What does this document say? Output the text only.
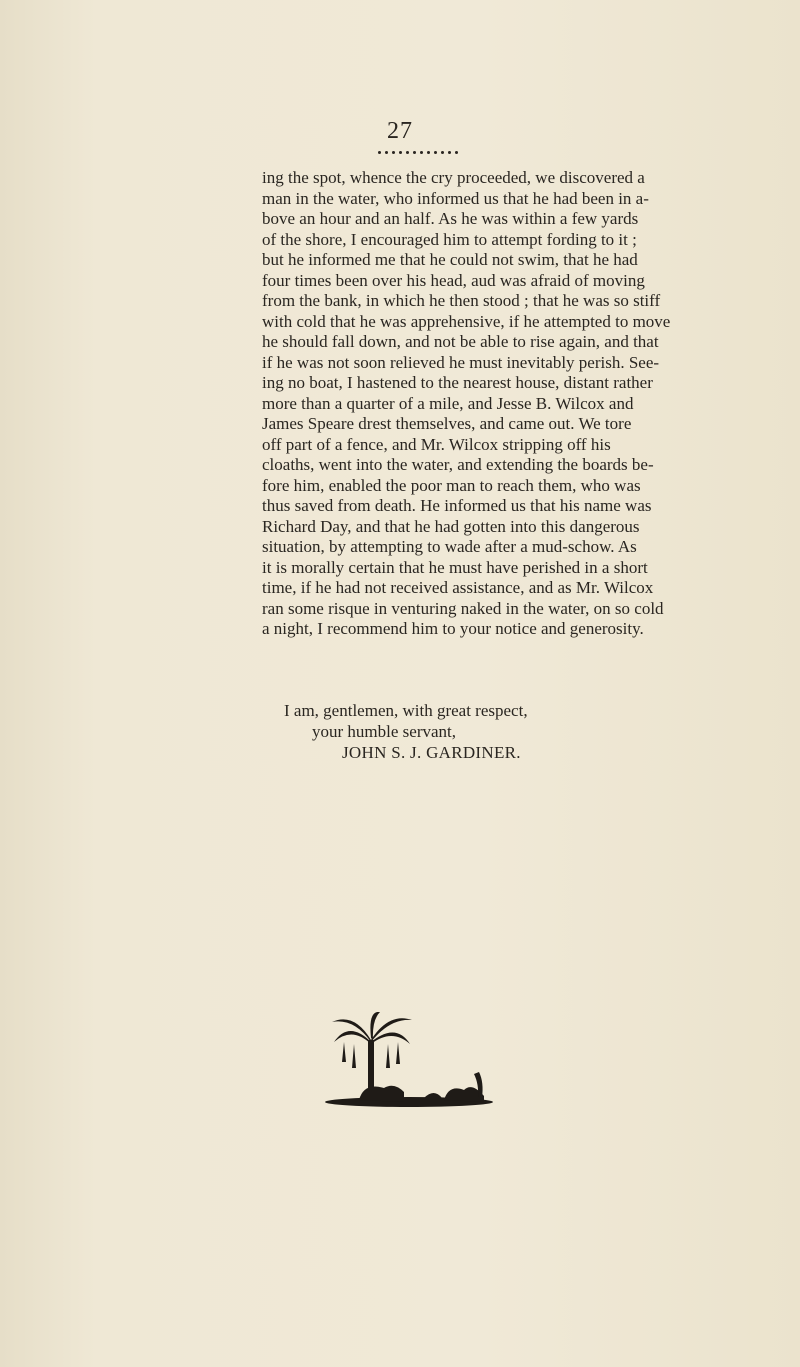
27
ing the spot, whence the cry proceeded, we discovered a
man in the water, who informed us that he had been in a-
bove an hour and an half. As he was within a few yards
of the shore, I encouraged him to attempt fording to it ;
but he informed me that he could not swim, that he had
four times been over his head, aud was afraid of moving
from the bank, in which he then stood ; that he was so stiff
with cold that he was apprehensive, if he attempted to move
he should fall down, and not be able to rise again, and that
if he was not soon relieved he must inevitably perish. See-
ing no boat, I hastened to the nearest house, distant rather
more than a quarter of a mile, and Jesse B. Wilcox and
James Speare drest themselves, and came out. We tore
off part of a fence, and Mr. Wilcox stripping off his
cloaths, went into the water, and extending the boards be-
fore him, enabled the poor man to reach them, who was
thus saved from death. He informed us that his name was
Richard Day, and that he had gotten into this dangerous
situation, by attempting to wade after a mud-schow. As
it is morally certain that he must have perished in a short
time, if he had not received assistance, and as Mr. Wilcox
ran some risque in venturing naked in the water, on so cold
a night, I recommend him to your notice and generosity.
I am, gentlemen, with great respect,
your humble servant,
JOHN S. J. GARDINER.
